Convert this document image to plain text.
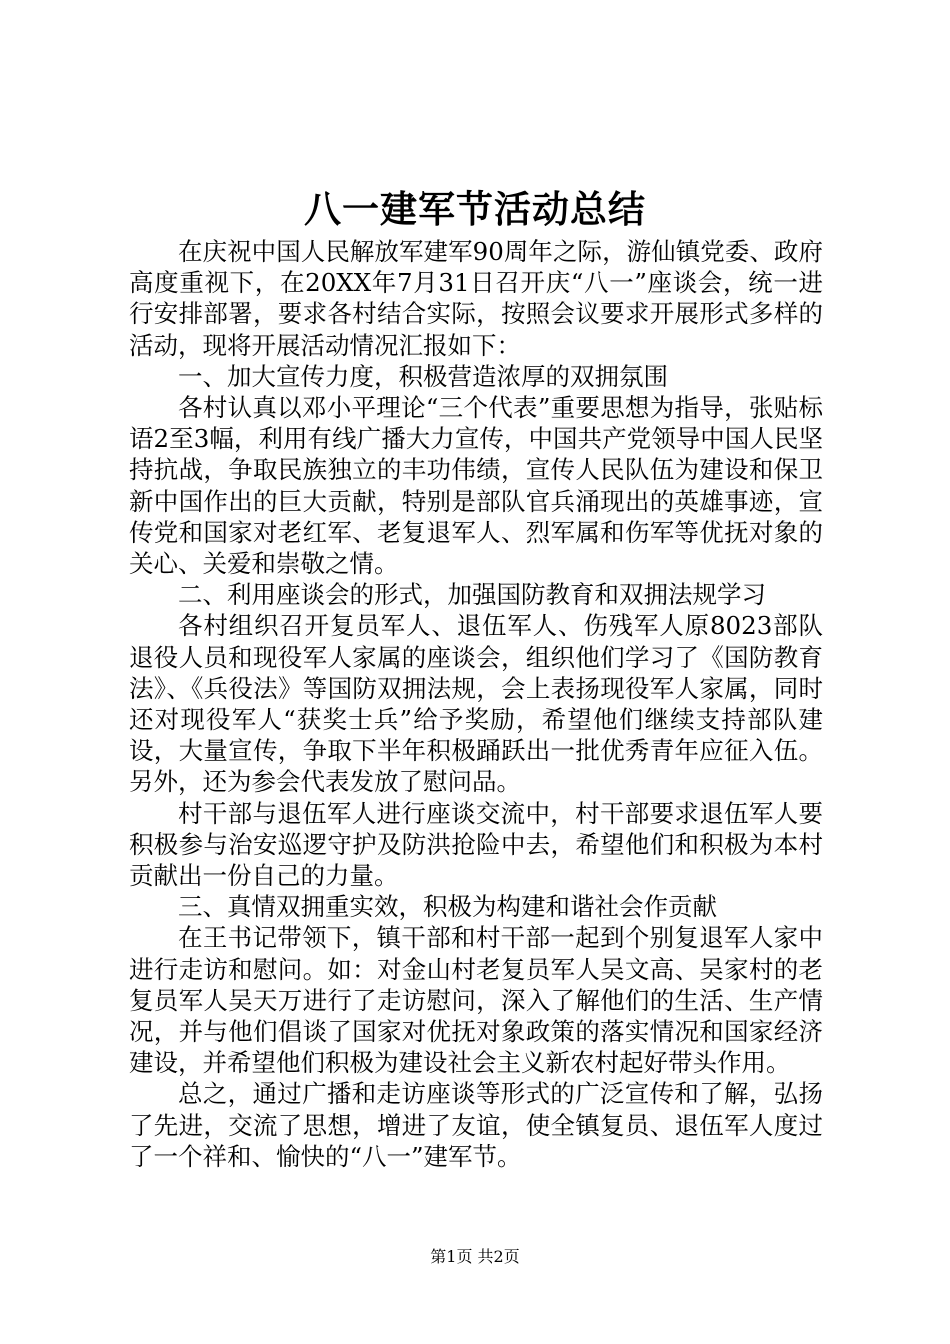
八一建军节活动总结

在庆祝中国人民解放军建军90周年之际，游仙镇党委、政府高度重视下，在20XX年7月31日召开庆“八一”座谈会，统一进行安排部署，要求各村结合实际，按照会议要求开展形式多样的活动，现将开展活动情况汇报如下：

一、加大宣传力度，积极营造浓厚的双拥氛围

各村认真以邓小平理论“三个代表”重要思想为指导，张贴标语2至3幅，利用有线广播大力宣传，中国共产党领导中国人民坚持抗战，争取民族独立的丰功伟绩，宣传人民队伍为建设和保卫新中国作出的巨大贡献，特别是部队官兵涌现出的英雄事迹，宣传党和国家对老红军、老复退军人、烈军属和伤军等优抚对象的关心、关爱和崇敬之情。

二、利用座谈会的形式，加强国防教育和双拥法规学习

各村组织召开复员军人、退伍军人、伤残军人原8023部队退役人员和现役军人家属的座谈会，组织他们学习了《国防教育法》、《兵役法》等国防双拥法规，会上表扬现役军人家属，同时还对现役军人“获奖士兵”给予奖励，希望他们继续支持部队建设，大量宣传，争取下半年积极踊跃出一批优秀青年应征入伍。另外，还为参会代表发放了慰问品。

村干部与退伍军人进行座谈交流中，村干部要求退伍军人要积极参与治安巡逻守护及防洪抢险中去，希望他们和积极为本村贡献出一份自己的力量。

三、真情双拥重实效，积极为构建和谐社会作贡献

在王书记带领下，镇干部和村干部一起到个别复退军人家中进行走访和慰问。如：对金山村老复员军人吴文高、吴家村的老复员军人吴天万进行了走访慰问，深入了解他们的生活、生产情况，并与他们倡谈了国家对优抚对象政策的落实情况和国家经济建设，并希望他们积极为建设社会主义新农村起好带头作用。

总之，通过广播和走访座谈等形式的广泛宣传和了解，弘扬了先进，交流了思想，增进了友谊，使全镇复员、退伍军人度过了一个祥和、愉快的“八一”建军节。

第1页 共2页
